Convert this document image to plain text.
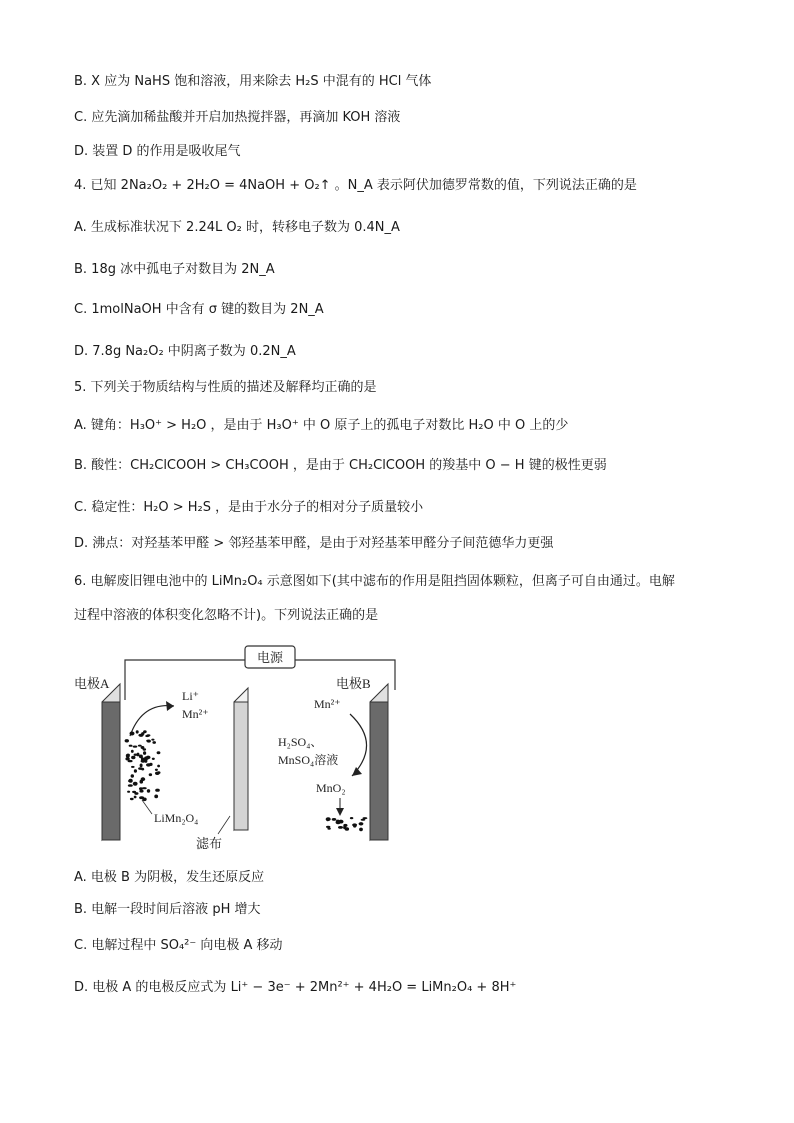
B. X 应为 NaHS 饱和溶液，用来除去 H₂S 中混有的 HCl 气体
C. 应先滴加稀盐酸并开启加热搅拌器，再滴加 KOH 溶液
D. 装置 D 的作用是吸收尾气
4. 已知 2Na₂O₂ + 2H₂O = 4NaOH + O₂↑ 。N_A 表示阿伏加德罗常数的值，下列说法正确的是
A. 生成标准状况下 2.24L O₂ 时，转移电子数为 0.4N_A
B. 18g 冰中孤电子对数目为 2N_A
C. 1molNaOH 中含有 σ 键的数目为 2N_A
D. 7.8g Na₂O₂ 中阴离子数为 0.2N_A
5. 下列关于物质结构与性质的描述及解释均正确的是
A. 键角：H₃O⁺ > H₂O ，是由于 H₃O⁺ 中 O 原子上的孤电子对数比 H₂O 中 O 上的少
B. 酸性：CH₂ClCOOH > CH₃COOH ，是由于 CH₂ClCOOH 的羧基中 O − H 键的极性更弱
C. 稳定性：H₂O > H₂S ，是由于水分子的相对分子质量较小
D. 沸点：对羟基苯甲醛 > 邻羟基苯甲醛，是由于对羟基苯甲醛分子间范德华力更强
6. 电解废旧锂电池中的 LiMn₂O₄ 示意图如下(其中滤布的作用是阻挡固体颗粒，但离子可自由通过。电解
过程中溶液的体积变化忽略不计)。下列说法正确的是
A. 电极 B 为阴极，发生还原反应
B. 电解一段时间后溶液 pH 增大
C. 电解过程中 SO₄²⁻ 向电极 A 移动
D. 电极 A 的电极反应式为 Li⁺ − 3e⁻ + 2Mn²⁺ + 4H₂O = LiMn₂O₄ + 8H⁺
电源
电极A
滤布
电极B
Li⁺
Mn²⁺
LiMn₂O₄
H₂SO₄、
MnSO₄溶液
Mn²⁺
MnO₂
